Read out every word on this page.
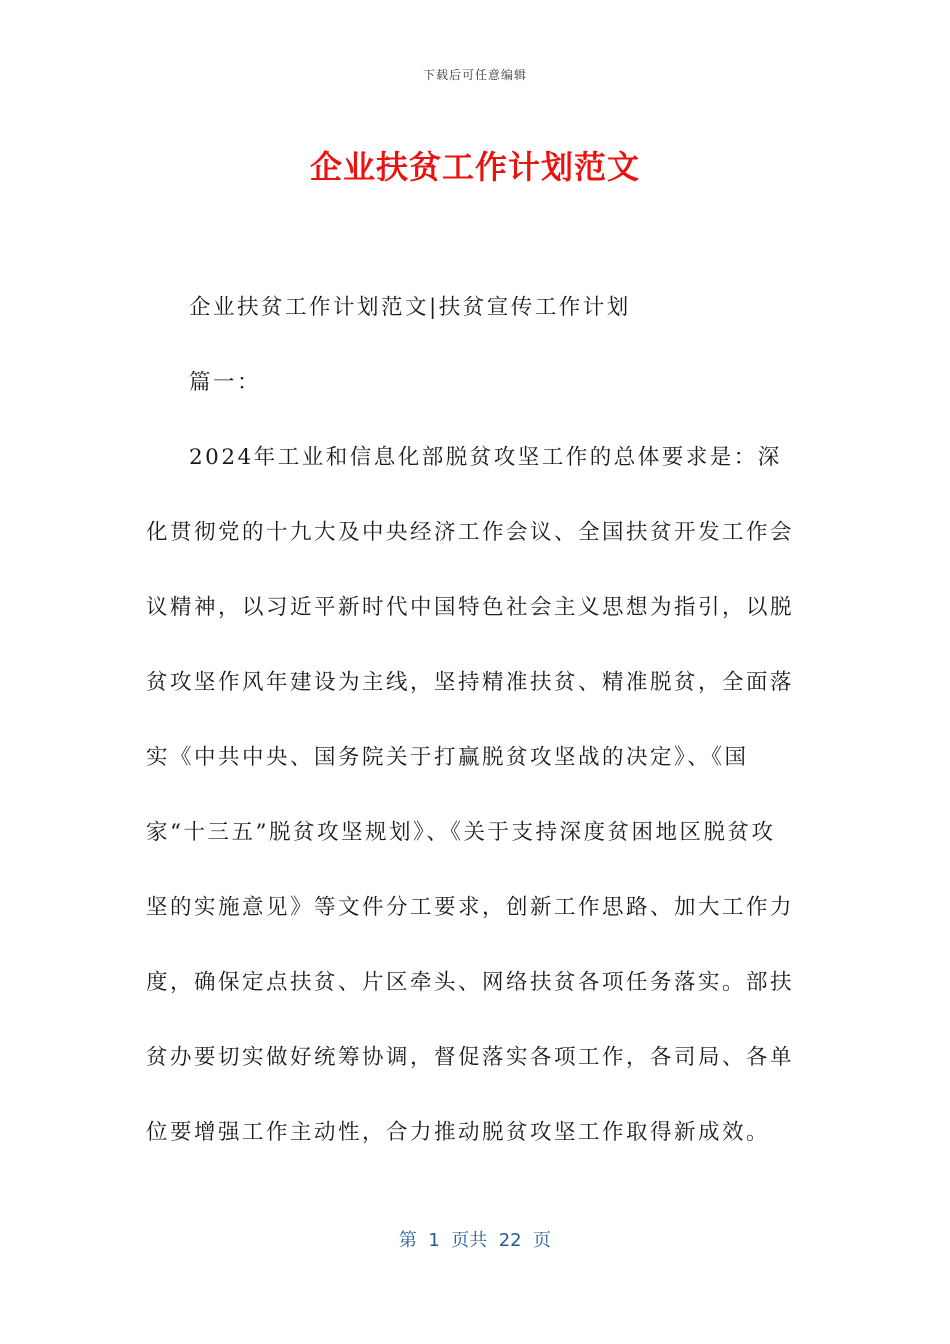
下载后可任意编辑
企业扶贫工作计划范文

企业扶贫工作计划范文|扶贫宣传工作计划

篇一：

2024年工业和信息化部脱贫攻坚工作的总体要求是：深化贯彻党的十九大及中央经济工作会议、全国扶贫开发工作会议精神，以习近平新时代中国特色社会主义思想为指引，以脱贫攻坚作风年建设为主线，坚持精准扶贫、精准脱贫，全面落实《中共中央、国务院关于打赢脱贫攻坚战的决定》、《国家“十三五”脱贫攻坚规划》、《关于支持深度贫困地区脱贫攻坚的实施意见》等文件分工要求，创新工作思路、加大工作力度，确保定点扶贫、片区牵头、网络扶贫各项任务落实。部扶贫办要切实做好统筹协调，督促落实各项工作，各司局、各单位要增强工作主动性，合力推动脱贫攻坚工作取得新成效。

第  1  页共  22  页
